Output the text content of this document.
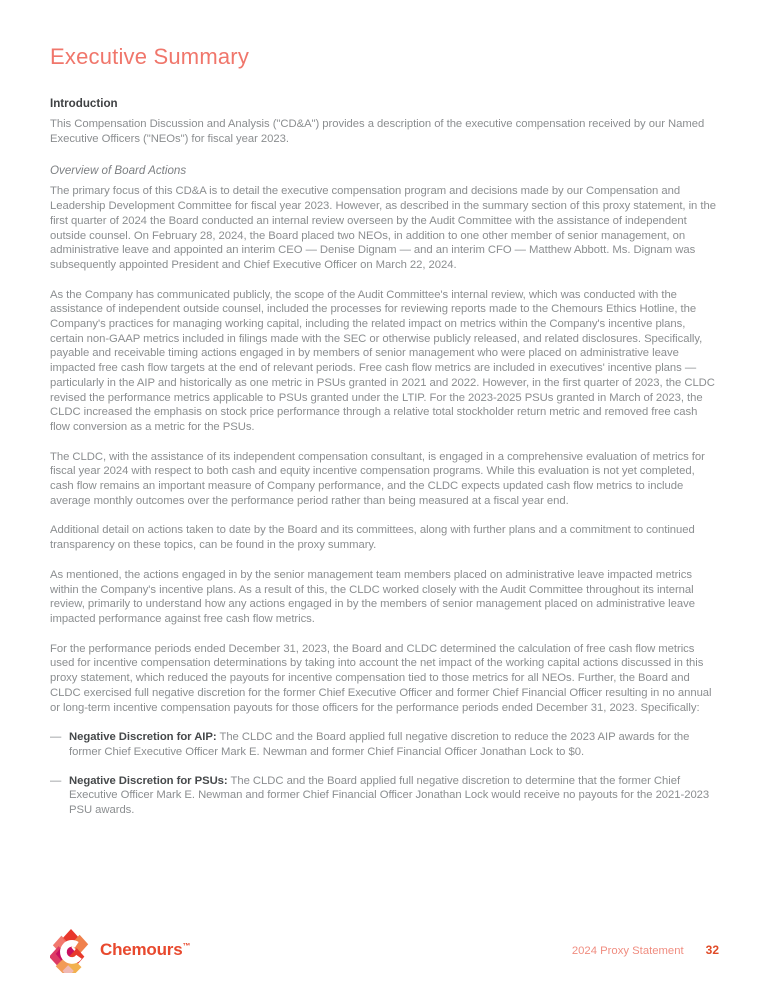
Executive Summary
Introduction

This Compensation Discussion and Analysis ("CD&A") provides a description of the executive compensation received by our Named Executive Officers ("NEOs") for fiscal year 2023.

Overview of Board Actions

The primary focus of this CD&A is to detail the executive compensation program and decisions made by our Compensation and Leadership Development Committee for fiscal year 2023. However, as described in the summary section of this proxy statement, in the first quarter of 2024 the Board conducted an internal review overseen by the Audit Committee with the assistance of independent outside counsel. On February 28, 2024, the Board placed two NEOs, in addition to one other member of senior management, on administrative leave and appointed an interim CEO — Denise Dignam — and an interim CFO — Matthew Abbott. Ms. Dignam was subsequently appointed President and Chief Executive Officer on March 22, 2024.

As the Company has communicated publicly, the scope of the Audit Committee's internal review, which was conducted with the assistance of independent outside counsel, included the processes for reviewing reports made to the Chemours Ethics Hotline, the Company's practices for managing working capital, including the related impact on metrics within the Company's incentive plans, certain non-GAAP metrics included in filings made with the SEC or otherwise publicly released, and related disclosures. Specifically, payable and receivable timing actions engaged in by members of senior management who were placed on administrative leave impacted free cash flow targets at the end of relevant periods. Free cash flow metrics are included in executives' incentive plans — particularly in the AIP and historically as one metric in PSUs granted in 2021 and 2022. However, in the first quarter of 2023, the CLDC revised the performance metrics applicable to PSUs granted under the LTIP. For the 2023-2025 PSUs granted in March of 2023, the CLDC increased the emphasis on stock price performance through a relative total stockholder return metric and removed free cash flow conversion as a metric for the PSUs.

The CLDC, with the assistance of its independent compensation consultant, is engaged in a comprehensive evaluation of metrics for fiscal year 2024 with respect to both cash and equity incentive compensation programs. While this evaluation is not yet completed, cash flow remains an important measure of Company performance, and the CLDC expects updated cash flow metrics to include average monthly outcomes over the performance period rather than being measured at a fiscal year end.

Additional detail on actions taken to date by the Board and its committees, along with further plans and a commitment to continued transparency on these topics, can be found in the proxy summary.

As mentioned, the actions engaged in by the senior management team members placed on administrative leave impacted metrics within the Company's incentive plans. As a result of this, the CLDC worked closely with the Audit Committee throughout its internal review, primarily to understand how any actions engaged in by the members of senior management placed on administrative leave impacted performance against free cash flow metrics.

For the performance periods ended December 31, 2023, the Board and CLDC determined the calculation of free cash flow metrics used for incentive compensation determinations by taking into account the net impact of the working capital actions discussed in this proxy statement, which reduced the payouts for incentive compensation tied to those metrics for all NEOs. Further, the Board and CLDC exercised full negative discretion for the former Chief Executive Officer and former Chief Financial Officer resulting in no annual or long-term incentive compensation payouts for those officers for the performance periods ended December 31, 2023. Specifically:

— Negative Discretion for AIP: The CLDC and the Board applied full negative discretion to reduce the 2023 AIP awards for the former Chief Executive Officer Mark E. Newman and former Chief Financial Officer Jonathan Lock to $0.
— Negative Discretion for PSUs: The CLDC and the Board applied full negative discretion to determine that the former Chief Executive Officer Mark E. Newman and former Chief Financial Officer Jonathan Lock would receive no payouts for the 2021-2023 PSU awards.
Chemours™	2024 Proxy Statement 32
